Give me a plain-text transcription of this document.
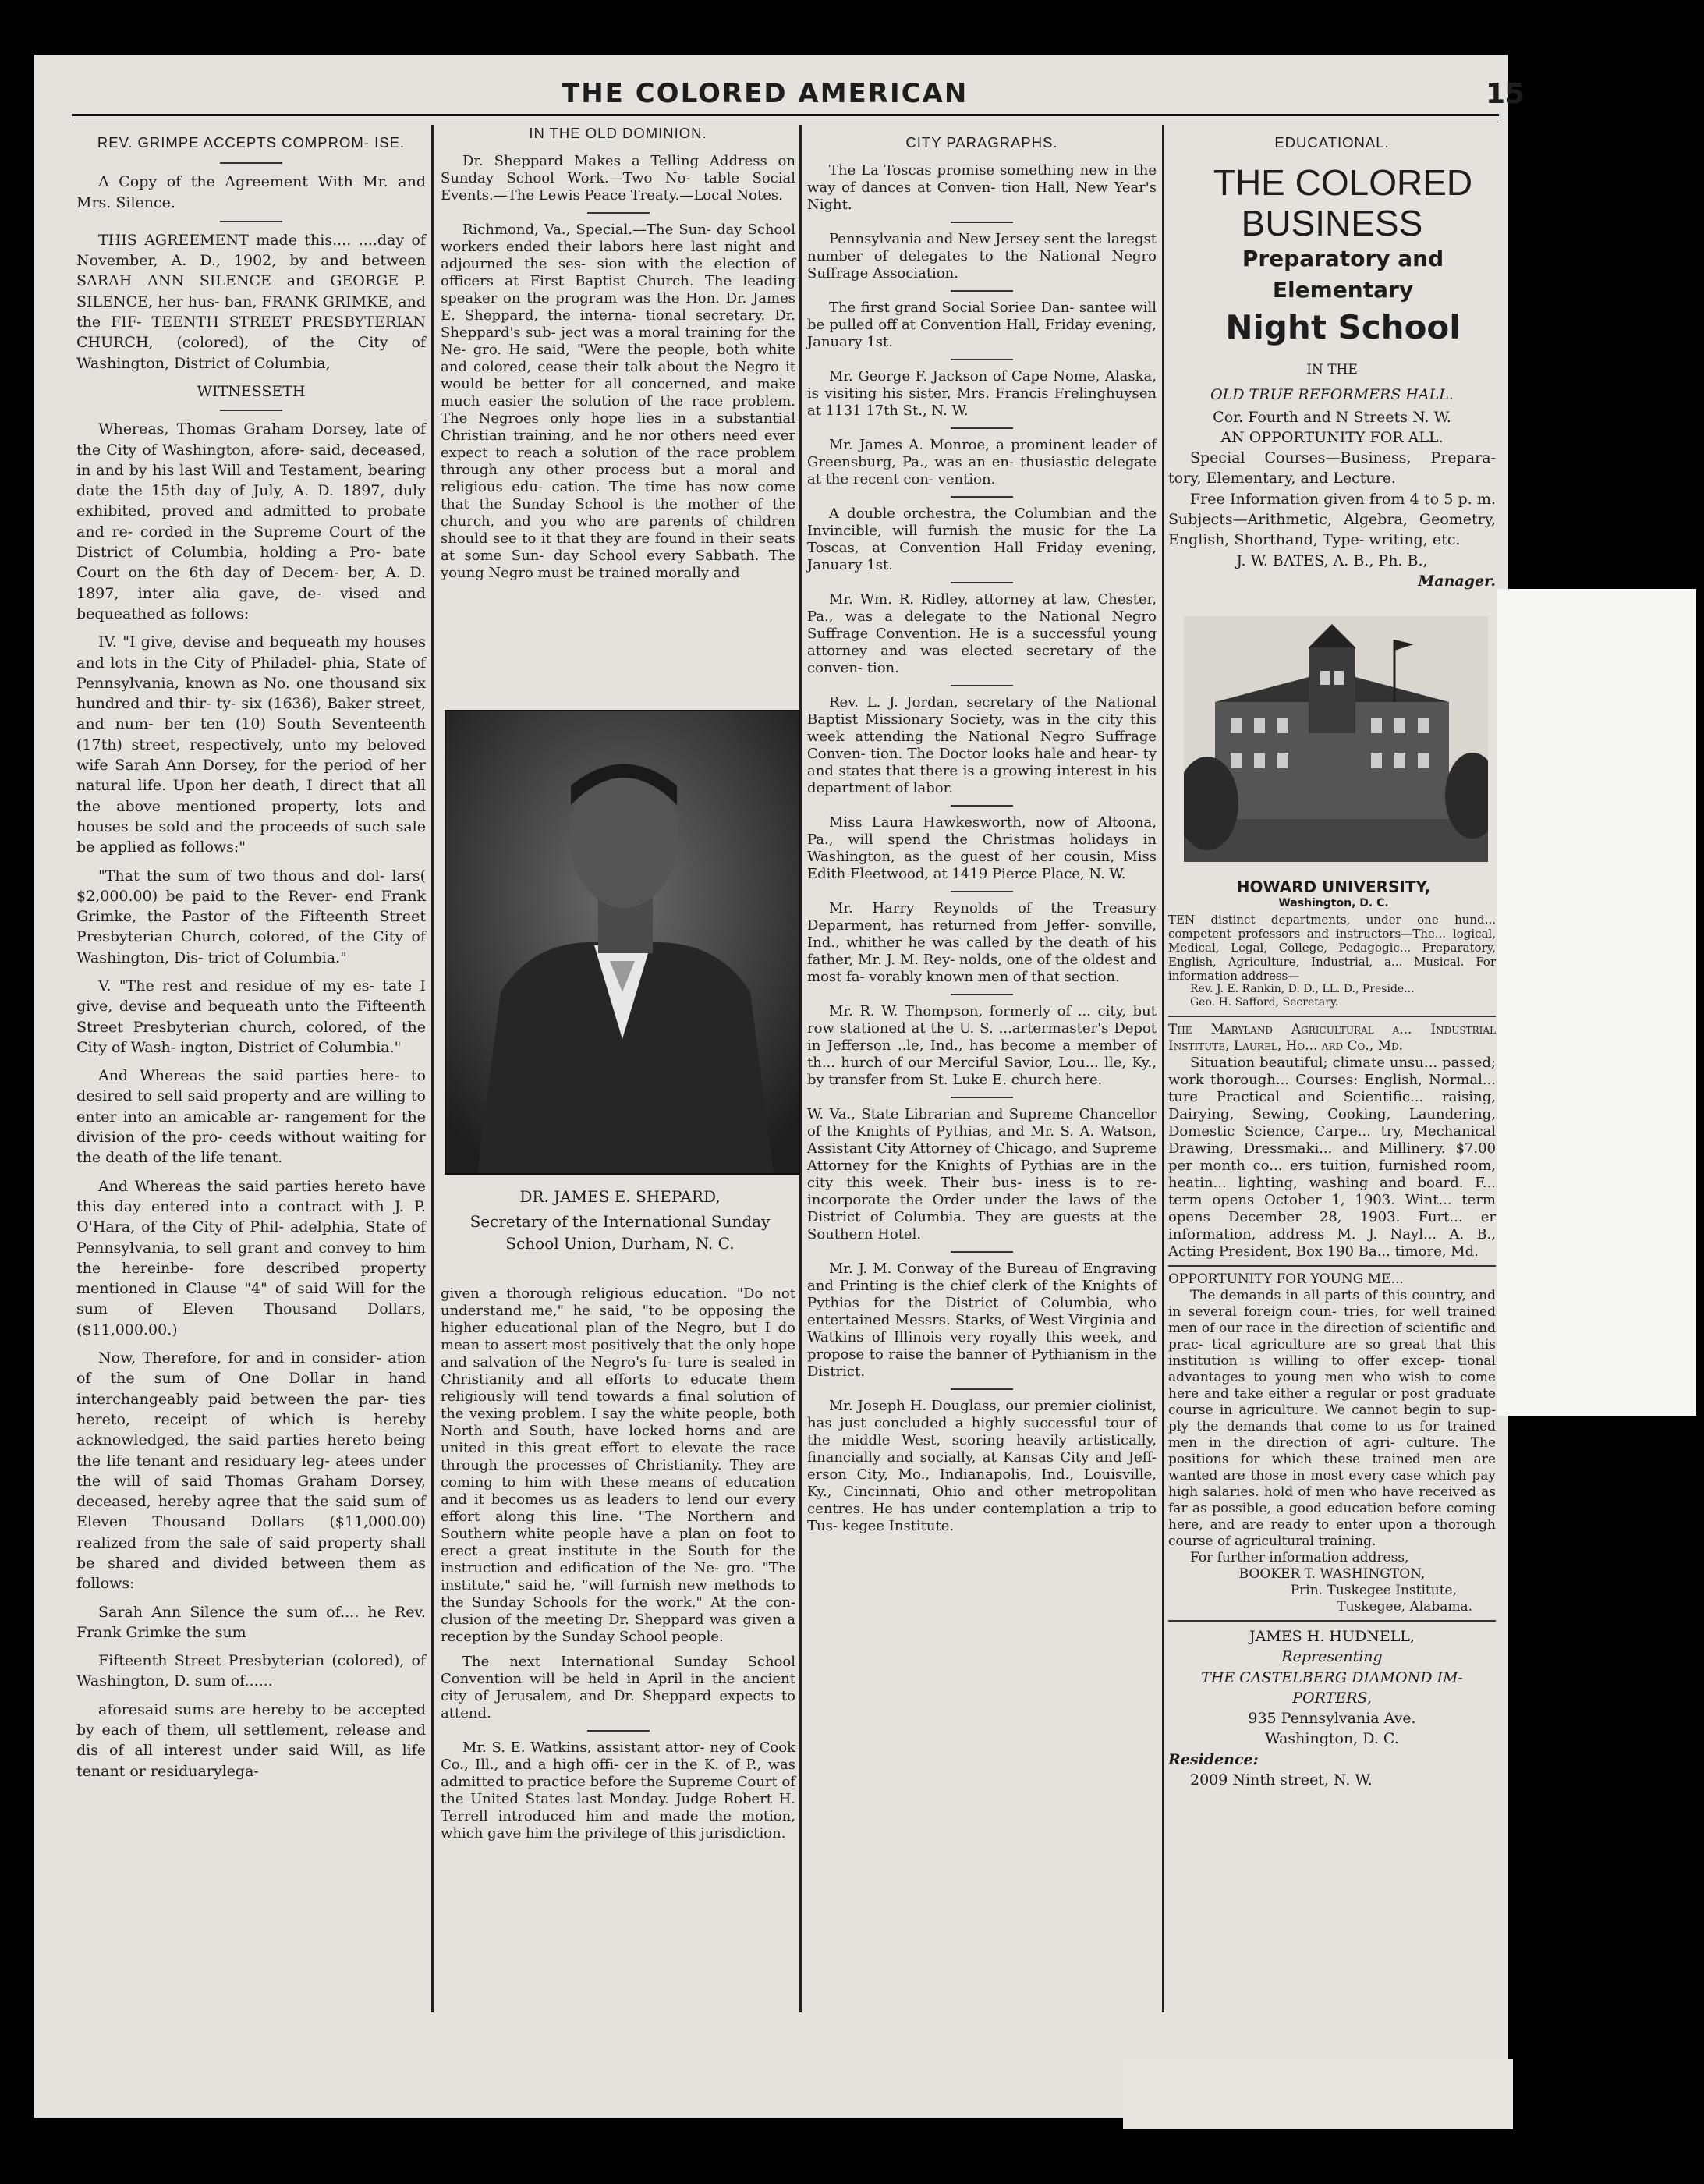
THE COLORED AMERICAN	15

REV. GRIMPE ACCEPTS COMPROM- ISE.

A Copy of the Agreement With Mr. and Mrs. Silence.

THIS AGREEMENT made this.... ....day of November, A. D., 1902, by and between SARAH ANN SILENCE and GEORGE P. SILENCE, her hus- ban, FRANK GRIMKE, and the FIF- TEENTH STREET PRESBYTERIAN CHURCH, (colored), of the City of Washington, District of Columbia,

WITNESSETH

Whereas, Thomas Graham Dorsey, late of the City of Washington, afore- said, deceased, in and by his last Will and Testament, bearing date the 15th day of July, A. D. 1897, duly exhibited, proved and admitted to probate and re- corded in the Supreme Court of the District of Columbia, holding a Pro- bate Court on the 6th day of Decem- ber, A. D. 1897, inter alia gave, de- vised and bequeathed as follows:

IV. "I give, devise and bequeath my houses and lots in the City of Philadel- phia, State of Pennsylvania, known as No. one thousand six hundred and thir- ty- six (1636), Baker street, and num- ber ten (10) South Seventeenth (17th) street, respectively, unto my beloved wife Sarah Ann Dorsey, for the period of her natural life. Upon her death, I direct that all the above mentioned property, lots and houses be sold and the proceeds of such sale be applied as follows:"

"That the sum of two thous and dol- lars( $2,000.00) be paid to the Rever- end Frank Grimke, the Pastor of the Fifteenth Street Presbyterian Church, colored, of the City of Washington, Dis- trict of Columbia."

V. "The rest and residue of my es- tate I give, devise and bequeath unto the Fifteenth Street Presbyterian church, colored, of the City of Wash- ington, District of Columbia."

And Whereas the said parties here- to desired to sell said property and are willing to enter into an amicable ar- rangement for the division of the pro- ceeds without waiting for the death of the life tenant.

And Whereas the said parties hereto have this day entered into a contract with J. P. O'Hara, of the City of Phil- adelphia, State of Pennsylvania, to sell grant and convey to him the hereinbe- fore described property mentioned in Clause "4" of said Will for the sum of Eleven Thousand Dollars, ($11,000.00.)

Now, Therefore, for and in consider- ation of the sum of One Dollar in hand interchangeably paid between the par- ties hereto, receipt of which is hereby acknowledged, the said parties hereto being the life tenant and residuary leg- atees under the will of said Thomas Graham Dorsey, deceased, hereby agree that the said sum of Eleven Thousand Dollars ($11,000.00) realized from the sale of said property shall be shared and divided between them as follows:

Sarah Ann Silence the sum of.... he Rev. Frank Grimke the sum

Fifteenth Street Presbyterian (colored), of Washington, D. sum of......

aforesaid sums are hereby to be accepted by each of them, ull settlement, release and dis of all interest under said Will, as life tenant or residuarylega-

IN THE OLD DOMINION.

Dr. Sheppard Makes a Telling Address on Sunday School Work.—Two No- table Social Events.—The Lewis Peace Treaty.—Local Notes.

Richmond, Va., Special.—The Sun- day School workers ended their labors here last night and adjourned the ses- sion with the election of officers at First Baptist Church. The leading speaker on the program was the Hon. Dr. James E. Sheppard, the interna- tional secretary. Dr. Sheppard's sub- ject was a moral training for the Ne- gro. He said, "Were the people, both white and colored, cease their talk about the Negro it would be better for all concerned, and make much easier the solution of the race problem. The Negroes only hope lies in a substantial Christian training, and he nor others need ever expect to reach a solution of the race problem through any other process but a moral and religious edu- cation. The time has now come that the Sunday School is the mother of the church, and you who are parents of children should see to it that they are found in their seats at some Sun- day School every Sabbath. The young Negro must be trained morally and

DR. JAMES E. SHEPARD,
Secretary of the International Sunday School Union, Durham, N. C.

given a thorough religious education. "Do not understand me," he said, "to be opposing the higher educational plan of the Negro, but I do mean to assert most positively that the only hope and salvation of the Negro's fu- ture is sealed in Christianity and all efforts to educate them religiously will tend towards a final solution of the vexing problem. I say the white people, both North and South, have locked horns and are united in this great effort to elevate the race through the processes of Christianity. They are coming to him with these means of education and it becomes us as leaders to lend our every effort along this line. "The Northern and Southern white people have a plan on foot to erect a great institute in the South for the instruction and edification of the Ne- gro. "The institute," said he, "will furnish new methods to the Sunday Schools for the work." At the con- clusion of the meeting Dr. Sheppard was given a reception by the Sunday School people.

The next International Sunday School Convention will be held in April in the ancient city of Jerusalem, and Dr. Sheppard expects to attend.

Mr. S. E. Watkins, assistant attor- ney of Cook Co., Ill., and a high offi- cer in the K. of P., was admitted to practice before the Supreme Court of the United States last Monday. Judge Robert H. Terrell introduced him and made the motion, which gave him the privilege of this jurisdiction.

CITY PARAGRAPHS.

The La Toscas promise something new in the way of dances at Conven- tion Hall, New Year's Night.

Pennsylvania and New Jersey sent the laregst number of delegates to the National Negro Suffrage Association.

The first grand Social Soriee Dan- santee will be pulled off at Convention Hall, Friday evening, January 1st.

Mr. George F. Jackson of Cape Nome, Alaska, is visiting his sister, Mrs. Francis Frelinghuysen at 1131 17th St., N. W.

Mr. James A. Monroe, a prominent leader of Greensburg, Pa., was an en- thusiastic delegate at the recent con- vention.

A double orchestra, the Columbian and the Invincible, will furnish the music for the La Toscas, at Convention Hall Friday evening, January 1st.

Mr. Wm. R. Ridley, attorney at law, Chester, Pa., was a delegate to the National Negro Suffrage Convention. He is a successful young attorney and was elected secretary of the conven- tion.

Rev. L. J. Jordan, secretary of the National Baptist Missionary Society, was in the city this week attending the National Negro Suffrage Conven- tion. The Doctor looks hale and hear- ty and states that there is a growing interest in his department of labor.

Miss Laura Hawkesworth, now of Altoona, Pa., will spend the Christmas holidays in Washington, as the guest of her cousin, Miss Edith Fleetwood, at 1419 Pierce Place, N. W.

Mr. Harry Reynolds of the Treasury Deparment, has returned from Jeffer- sonville, Ind., whither he was called by the death of his father, Mr. J. M. Rey- nolds, one of the oldest and most fa- vorably known men of that section.

Mr. R. W. Thompson, formerly of ... city, but row stationed at the U. S. ...artermaster's Depot in Jefferson ..le, Ind., has become a member of th... hurch of our Merciful Savior, Lou... lle, Ky., by transfer from St. Luke E. church here.

W. Va., State Librarian and Supreme Chancellor of the Knights of Pythias, and Mr. S. A. Watson, Assistant City Attorney of Chicago, and Supreme Attorney for the Knights of Pythias are in the city this week. Their bus- iness is to re-incorporate the Order under the laws of the District of Columbia. They are guests at the Southern Hotel.

Mr. J. M. Conway of the Bureau of Engraving and Printing is the chief clerk of the Knights of Pythias for the District of Columbia, who entertained Messrs. Starks, of West Virginia and Watkins of Illinois very royally this week, and propose to raise the banner of Pythianism in the District.

Mr. Joseph H. Douglass, our premier ciolinist, has just concluded a highly successful tour of the middle West, scoring heavily artistically, financially and socially, at Kansas City and Jeff- erson City, Mo., Indianapolis, Ind., Louisville, Ky., Cincinnati, Ohio and other metropolitan centres. He has under contemplation a trip to Tus- kegee Institute.

EDUCATIONAL.

THE COLORED BUSINESS

Preparatory and

Elementary

Night School

IN THE

OLD TRUE REFORMERS HALL.

Cor. Fourth and N Streets N. W.

AN OPPORTUNITY FOR ALL.

Special Courses—Business, Prepara- tory, Elementary, and Lecture.

Free Information given from 4 to 5 p. m. Subjects—Arithmetic, Algebra, Geometry, English, Shorthand, Type- writing, etc.

J. W. BATES, A. B., Ph. B.,

Manager.

HOWARD UNIVERSITY,
Washington, D. C.

TEN distinct departments, under one hund... competent professors and instructors—The... logical, Medical, Legal, College, Pedagogic... Preparatory, English, Agriculture, Industrial, a... Musical. For information address—

Rev. J. E. Rankin, D. D., LL. D., Preside...

Geo. H. Safford, Secretary.

The Maryland Agricultural a... Industrial Institute, Laurel, Ho... ard Co., Md.

Situation beautiful; climate unsu... passed; work thorough... Courses: English, Normal... ture Practical and Scientific... raising, Dairying, Sewing, Cooking, Laundering, Domestic Science, Carpe... try, Mechanical Drawing, Dressmaki... and Millinery. $7.00 per month co... ers tuition, furnished room, heatin... lighting, washing and board. F... term opens October 1, 1903. Wint... term opens December 28, 1903. Furt... er information, address M. J. Nayl... A. B., Acting President, Box 190 Ba... timore, Md.

OPPORTUNITY FOR YOUNG ME...

The demands in all parts of this country, and in several foreign coun- tries, for well trained men of our race in the direction of scientific and prac- tical agriculture are so great that this institution is willing to offer excep- tional advantages to young men who wish to come here and take either a regular or post graduate course in agriculture. We cannot begin to sup- ply the demands that come to us for trained men in the direction of agri- culture. The positions for which these trained men are wanted are those in most every case which pay high salaries. hold of men who have received as far as possible, a good education before coming here, and are ready to enter upon a thorough course of agricultural training.

For further information address,

BOOKER T. WASHINGTON,

Prin. Tuskegee Institute,

Tuskegee, Alabama.

JAMES H. HUDNELL,

Representing

THE CASTELBERG DIAMOND IM- PORTERS,

935 Pennsylvania Ave.

Washington, D. C.

Residence:

2009 Ninth street, N. W.
